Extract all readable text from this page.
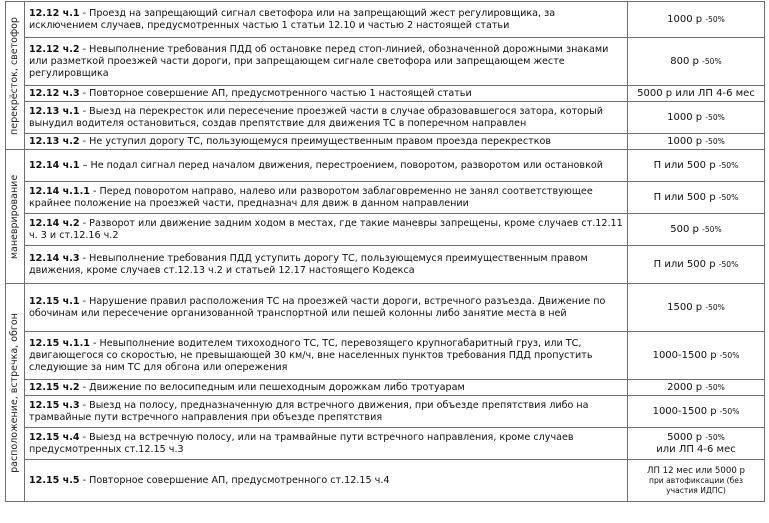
перекрёсток, светофор	12.12 ч.1 - Проезд на запрещающий сигнал светофора или на запрещающий жест регулировщика, за исключением случаев, предусмотренных частью 1 статьи 12.10 и частью 2 настоящей статьи	1000 р -50%
	12.12 ч.2 - Невыполнение требования ПДД об остановке перед стоп-линией, обозначенной дорожными знаками или разметкой проезжей части дороги, при запрещающем сигнале светофора или запрещающем жесте регулировщика	800 р -50%
	12.12 ч.3 - Повторное совершение АП, предусмотренного частью 1 настоящей статьи	5000 р или ЛП 4-6 мес
	12.13 ч.1 - Выезд на перекресток или пересечение проезжей части в случае образовавшегося затора, который вынудил водителя остановиться, создав препятствие для движения ТС в поперечном направлен	1000 р -50%
	12.13 ч.2 - Не уступил дорогу ТС, пользующемуся преимущественным правом проезда перекрестков	1000 р -50%

маневрирование	12.14 ч.1 – Не подал сигнал перед началом движения, перестроением, поворотом, разворотом или остановкой	П или 500 р -50%
	12.14 ч.1.1 - Перед поворотом направо, налево или разворотом заблаговременно не занял соответствующее крайнее положение на проезжей части, предназнач для движ в данном направлении	П или 500 р -50%
	12.14 ч.2 - Разворот или движение задним ходом в местах, где такие маневры запрещены, кроме случаев ст.12.11 ч. 3 и ст.12.16 ч.2	500 р -50%
	12.14 ч.3 - Невыполнение требования ПДД уступить дорогу ТС, пользующемуся преимущественным правом движения, кроме случаев ст.12.13 ч.2 и статьей 12.17 настоящего Кодекса	П или 500 р -50%

расположение, встречка, обгон	12.15 ч.1 - Нарушение правил расположения ТС на проезжей части дороги, встречного разъезда. Движение по обочинам или пересечение организованной транспортной или пешей колонны либо занятие места в ней	1500 р -50%
	12.15 ч.1.1 - Невыполнение водителем тихоходного ТС, ТС, перевозящего крупногабаритный груз, или ТС, двигающегося со скоростью, не превышающей 30 км/ч, вне населенных пунктов требования ПДД пропустить следующие за ним ТС для обгона или опережения	1000-1500 р -50%
	12.15 ч.2 - Движение по велосипедным или пешеходным дорожкам либо тротуарам	2000 р -50%
	12.15 ч.3 - Выезд на полосу, предназначенную для встречного движения, при объезде препятствия либо на трамвайные пути встречного направления при объезде препятствия	1000-1500 р -50%
	12.15 ч.4 - Выезд на встречную полосу, или на трамвайные пути встречного направления, кроме случаев предусмотренных ст.12.15 ч.3	5000 р -50%
или ЛП 4-6 мес
	12.15 ч.5 - Повторное совершение АП, предусмотренного ст.12.15 ч.4	ЛП 12 мес или 5000 р
при автофиксации (без участия ИДПС)
